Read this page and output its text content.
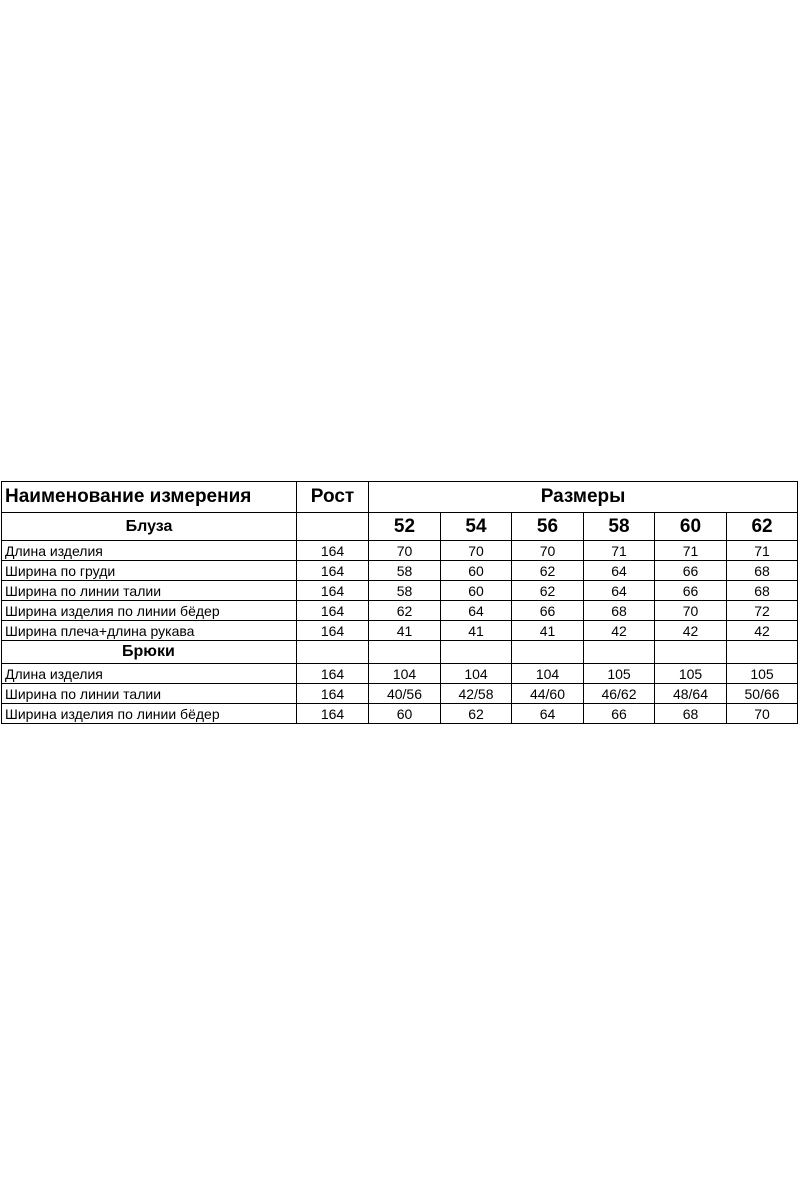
Наименование измерения	Рост	Размеры					
Блуза		52	54	56	58	60	62
Длина изделия	164	70	70	70	71	71	71
Ширина по груди	164	58	60	62	64	66	68
Ширина по линии талии	164	58	60	62	64	66	68
Ширина изделия по линии бёдер	164	62	64	66	68	70	72
Ширина плеча+длина рукава	164	41	41	41	42	42	42
Брюки							
Длина изделия	164	104	104	104	105	105	105
Ширина по линии талии	164	40/56	42/58	44/60	46/62	48/64	50/66
Ширина изделия по линии бёдер	164	60	62	64	66	68	70
